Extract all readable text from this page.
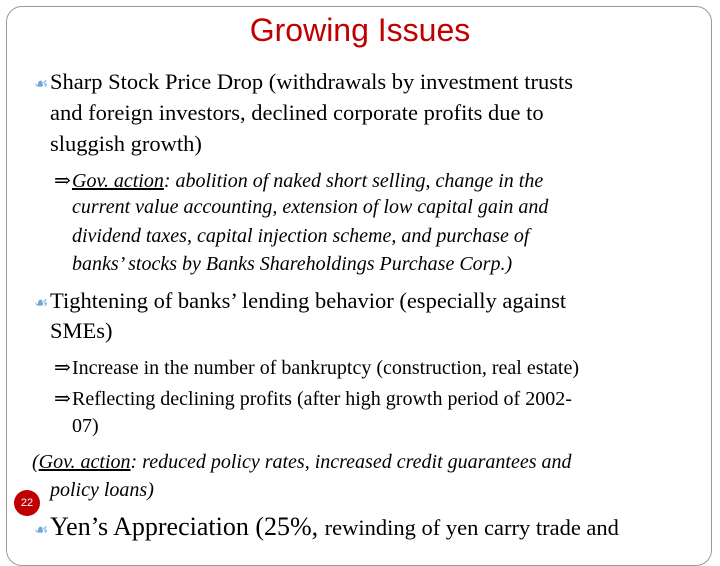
Growing Issues
☙Sharp Stock Price Drop (withdrawals by investment trusts
and foreign investors, declined corporate profits due to
sluggish growth)
⇒Gov. action: abolition of naked short selling, change in the
current value accounting, extension of low capital gain and
dividend taxes, capital injection scheme, and purchase of
banks’ stocks by Banks Shareholdings Purchase Corp.)
☙Tightening of banks’ lending behavior (especially against
SMEs)
⇒Increase in the number of bankruptcy (construction, real estate)
⇒Reflecting declining profits (after high growth period of 2002-
07)
(Gov. action: reduced policy rates, increased credit guarantees and
policy loans)
22
☙Yen’s Appreciation (25%, rewinding of yen carry trade and
